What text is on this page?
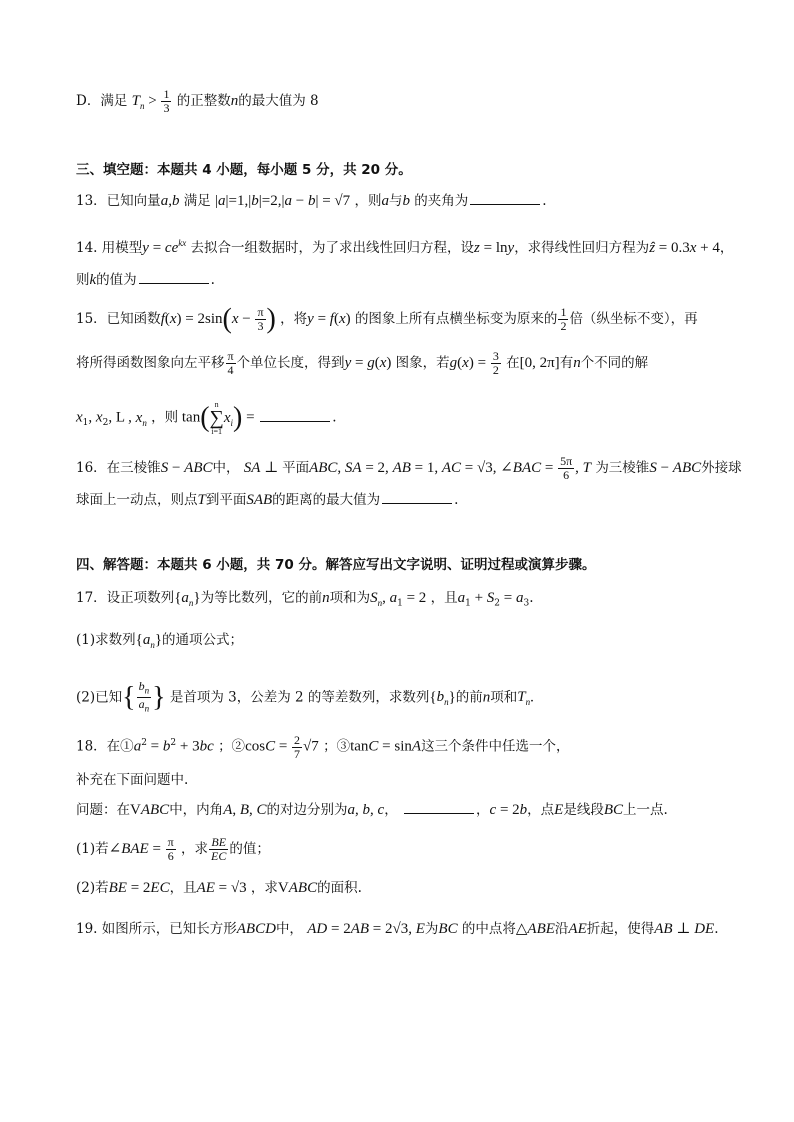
D．满足 $T_n > \frac{1}{3}$ 的正整数n的最大值为 8
三、填空题：本题共 4 小题，每小题 5 分，共 20 分。
13．已知向量a,b 满足 |a|=1,|b|=2,|a − b| = √7 ，则a与b 的夹角为	.
14. 用模型$y = ce^{kx}$ 去拟合一组数据时，为了求出线性回归方程，设z = lny，求得线性回归方程为ẑ = 0.3x + 4，
则k的值为	.
15．已知函数$f(x) = 2\sin(x - \frac{\pi}{3}$ ) ，将y = f(x) 的图象上所有点横坐标变为原来的 $\frac{1}{2}$ 倍（纵坐标不变），再
将所得函数图象向左平移 $\frac{\pi}{4}$ 个单位长度，得到y = g(x) 图象，若$g(x) = \frac{3}{2}$ 在[0, 2π]有n个不同的解
$x_1$, $x_2$, L , $x_n$ ，则 tan( n
∑
$i=1x_i$) =	.
16．在三棱锥S − ABC中， SA ⊥ 平面ABC, SA = 2, AB = 1, AC = √3, ∠BAC = $\frac{5\pi}{6}$ , T 为三棱锥S − ABC外接球
球面上一动点，则点T到平面SAB的距离的最大值为	.
四、解答题：本题共 6 小题，共 70 分。解答应写出文字说明、证明过程或演算步骤。
17．设正项数列$\{a_n\}$为等比数列，它的前n项和为$S_n$, $a_1 = 2$ ，且$a_1 + S_2 = a_3$.
(1)求数列$\{a_n\}$的通项公式；
(2)已知{ $\frac{b_n}{a_n}$ } 是首项为 3，公差为 2 的等差数列，求数列$\{b_n\}$的前n项和$T_n$.
18．在$①a^2 = b^2 + 3bc$ ；②cosC = $\frac{2}{7} √7$ ；③tanC = sinA这三个条件中任选一个，
补充在下面问题中.
问题：在VABC中，内角A, B, C的对边分别为a, b, c，	，c = 2b，点E是线段BC上一点.
(1)若∠BAE = $\frac{\pi}{6}$ ，求 $\frac{BE}{EC}$ 的值；
(2)若BE = 2EC，且AE = √3 ，求VABC的面积.
19. 如图所示，已知长方形ABCD中， AD = 2AB = 2√3, E为BC 的中点将△ABE沿AE折起，使得AB ⊥ DE.
